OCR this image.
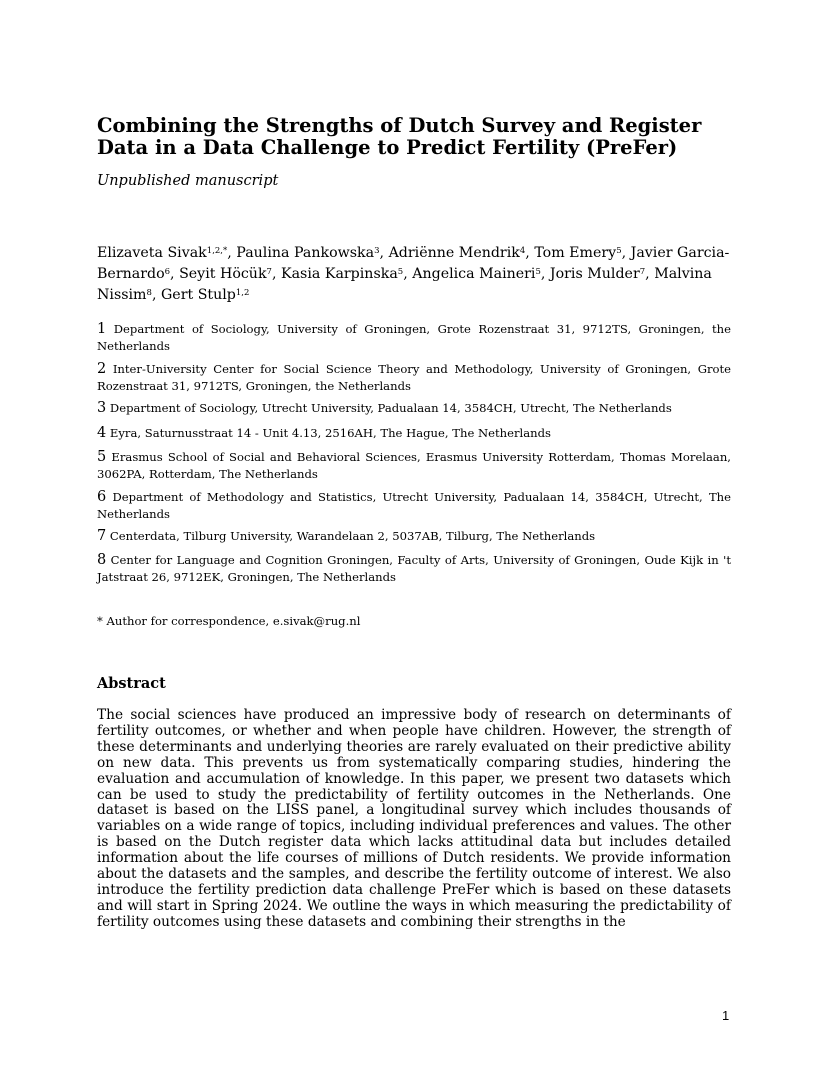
Combining the Strengths of Dutch Survey and Register Data in a Data Challenge to Predict Fertility (PreFer)
Unpublished manuscript
Elizaveta Sivak$^{1,2,*}$, Paulina Pankowska$^3$, Adriënne Mendrik$^4$, Tom Emery$^5$, Javier Garcia-Bernardo$^6$, Seyit Höcük$^7$, Kasia Karpinska$^5$, Angelica Maineri$^5$, Joris Mulder$^7$, Malvina Nissim$^8$, Gert Stulp$^{1,2}$
1 Department of Sociology, University of Groningen, Grote Rozenstraat 31, 9712TS, Groningen, the Netherlands
2 Inter-University Center for Social Science Theory and Methodology, University of Groningen, Grote Rozenstraat 31, 9712TS, Groningen, the Netherlands
3 Department of Sociology, Utrecht University, Padualaan 14, 3584CH, Utrecht, The Netherlands
4 Eyra, Saturnusstraat 14 - Unit 4.13, 2516AH, The Hague, The Netherlands
5 Erasmus School of Social and Behavioral Sciences, Erasmus University Rotterdam, Thomas Morelaan, 3062PA, Rotterdam, The Netherlands
6 Department of Methodology and Statistics, Utrecht University, Padualaan 14, 3584CH, Utrecht, The Netherlands
7 Centerdata, Tilburg University, Warandelaan 2, 5037AB, Tilburg, The Netherlands
8 Center for Language and Cognition Groningen, Faculty of Arts, University of Groningen, Oude Kijk in 't Jatstraat 26, 9712EK, Groningen, The Netherlands
* Author for correspondence, e.sivak@rug.nl
Abstract
The social sciences have produced an impressive body of research on determinants of fertility outcomes, or whether and when people have children. However, the strength of these determinants and underlying theories are rarely evaluated on their predictive ability on new data. This prevents us from systematically comparing studies, hindering the evaluation and accumulation of knowledge. In this paper, we present two datasets which can be used to study the predictability of fertility outcomes in the Netherlands. One dataset is based on the LISS panel, a longitudinal survey which includes thousands of variables on a wide range of topics, including individual preferences and values. The other is based on the Dutch register data which lacks attitudinal data but includes detailed information about the life courses of millions of Dutch residents. We provide information about the datasets and the samples, and describe the fertility outcome of interest. We also introduce the fertility prediction data challenge PreFer which is based on these datasets and will start in Spring 2024. We outline the ways in which measuring the predictability of fertility outcomes using these datasets and combining their strengths in the
1
